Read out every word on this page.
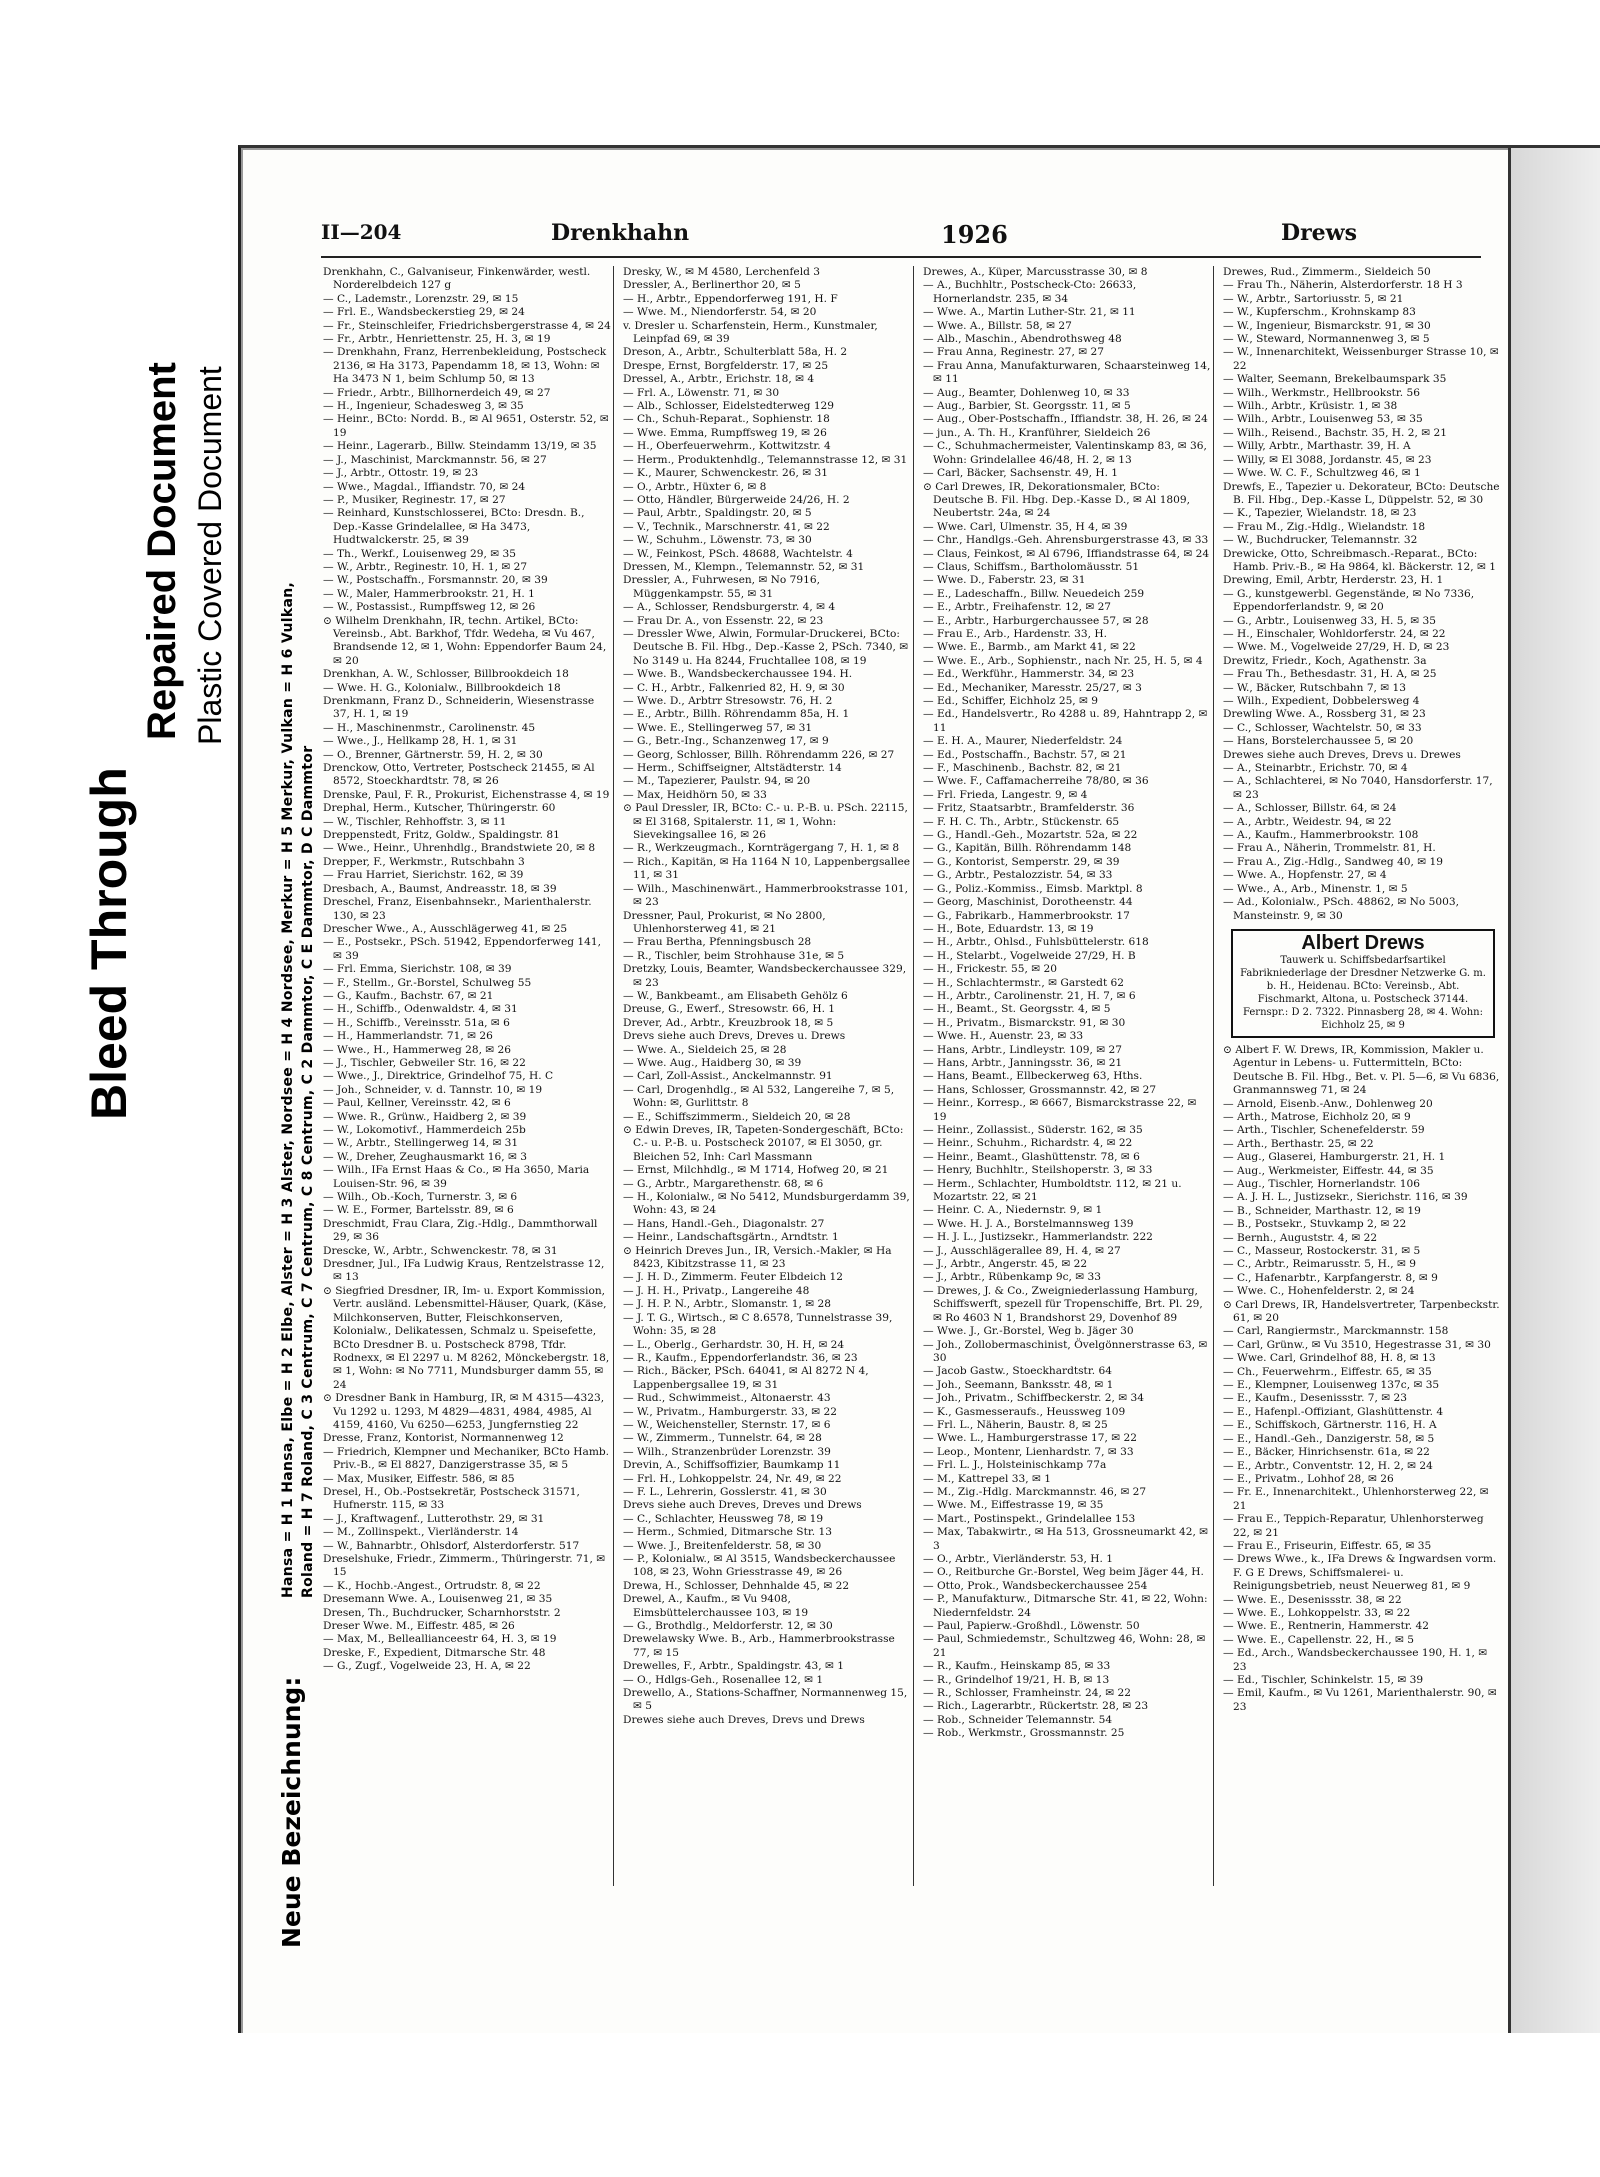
Bleed Through
Repaired Document Plastic Covered Document
Neue Bezeichnung:
Hansa = H 1 Hansa, Elbe = H 2 Elbe, Alster = H 3 Alster, Nordsee = H 4 Nordsee, Merkur = H 5 Merkur, Vulkan = H 6 Vulkan, Roland = H 7 Roland, C 3 Centrum, C 7 Centrum, C 8 Centrum, C 2 Dammtor, C E Dammtor, D C Dammtor
II—204	Drenkhahn	1926	Drews

Drenkhahn, C., Galvaniseur, Finkenwärder, westl. Norderelbdeich 127 g

— C., Lademstr., Lorenzstr. 29, ✉ 15

— Frl. E., Wandsbeckerstieg 29, ✉ 24

— Fr., Steinschleifer, Friedrichsbergerstrasse 4, ✉ 24

— Fr., Arbtr., Henriettenstr. 25, H. 3, ✉ 19

— Drenkhahn, Franz, Herrenbekleidung, Postscheck 2136, ✉ Ha 3173, Papendamm 18, ✉ 13, Wohn: ✉ Ha 3473 N 1, beim Schlump 50, ✉ 13

— Friedr., Arbtr., Billhornerdeich 49, ✉ 27

— H., Ingenieur, Schadesweg 3, ✉ 35

— Heinr., BCto: Nordd. B., ✉ Al 9651, Osterstr. 52, ✉ 19

— Heinr., Lagerarb., Billw. Steindamm 13/19, ✉ 35

— J., Maschinist, Marckmannstr. 56, ✉ 27

— J., Arbtr., Ottostr. 19, ✉ 23

— Wwe., Magdal., Iffiandstr. 70, ✉ 24

— P., Musiker, Reginestr. 17, ✉ 27

— Reinhard, Kunstschlosserei, BCto: Dresdn. B., Dep.-Kasse Grindelallee, ✉ Ha 3473, Hudtwalckerstr. 25, ✉ 39

— Th., Werkf., Louisenweg 29, ✉ 35

— W., Arbtr., Reginestr. 10, H. 1, ✉ 27

— W., Postschaffn., Forsmannstr. 20, ✉ 39

— W., Maler, Hammerbrookstr. 21, H. 1

— W., Postassist., Rumpffsweg 12, ✉ 26

⊙ Wilhelm Drenkhahn, IR, techn. Artikel, BCto: Vereinsb., Abt. Barkhof, Tfdr. Wedeha, ✉ Vu 467, Brandsende 12, ✉ 1, Wohn: Eppendorfer Baum 24, ✉ 20

Drenkhan, A. W., Schlosser, Billbrookdeich 18

— Wwe. H. G., Kolonialw., Billbrookdeich 18

Drenkmann, Franz D., Schneiderin, Wiesenstrasse 37, H. 1, ✉ 19

— H., Maschinenmstr., Carolinenstr. 45

— Wwe., J., Hellkamp 28, H. 1, ✉ 31

— O., Brenner, Gärtnerstr. 59, H. 2, ✉ 30

Drenckow, Otto, Vertreter, Postscheck 21455, ✉ Al 8572, Stoeckhardtstr. 78, ✉ 26

Drenske, Paul, F. R., Prokurist, Eichenstrasse 4, ✉ 19

Drephal, Herm., Kutscher, Thüringerstr. 60

— W., Tischler, Rehhoffstr. 3, ✉ 11

Dreppenstedt, Fritz, Goldw., Spaldingstr. 81

— Wwe., Heinr., Uhrenhdlg., Brandstwiete 20, ✉ 8

Drepper, F., Werkmstr., Rutschbahn 3

— Frau Harriet, Sierichstr. 162, ✉ 39

Dresbach, A., Baumst, Andreasstr. 18, ✉ 39

Dreschel, Franz, Eisenbahnsekr., Marienthalerstr. 130, ✉ 23

Drescher Wwe., A., Ausschlägerweg 41, ✉ 25

— E., Postsekr., PSch. 51942, Eppendorferweg 141, ✉ 39

— Frl. Emma, Sierichstr. 108, ✉ 39

— F., Stellm., Gr.-Borstel, Schulweg 55

— G., Kaufm., Bachstr. 67, ✉ 21

— H., Schiffb., Odenwaldstr. 4, ✉ 31

— H., Schiffb., Vereinsstr. 51a, ✉ 6

— H., Hammerlandstr. 71, ✉ 26

— Wwe., H., Hammerweg 28, ✉ 26

— J., Tischler, Gebweiler Str. 16, ✉ 22

— Wwe., J., Direktrice, Grindelhof 75, H. C

— Joh., Schneider, v. d. Tannstr. 10, ✉ 19

— Paul, Kellner, Vereinsstr. 42, ✉ 6

— Wwe. R., Grünw., Haidberg 2, ✉ 39

— W., Lokomotivf., Hammerdeich 25b

— W., Arbtr., Stellingerweg 14, ✉ 31

— W., Dreher, Zeughausmarkt 16, ✉ 3

— Wilh., IFa Ernst Haas & Co., ✉ Ha 3650, Maria Louisen-Str. 96, ✉ 39

— Wilh., Ob.-Koch, Turnerstr. 3, ✉ 6

— W. E., Former, Bartelsstr. 89, ✉ 6

Dreschmidt, Frau Clara, Zig.-Hdlg., Dammthorwall 29, ✉ 36

Drescke, W., Arbtr., Schwenckestr. 78, ✉ 31

Dresdner, Jul., IFa Ludwig Kraus, Rentzelstrasse 12, ✉ 13

⊙ Siegfried Dresdner, IR, Im- u. Export Kommission, Vertr. ausländ. Lebensmittel-Häuser, Quark, (Käse, Milchkonserven, Butter, Fleischkonserven, Kolonialw., Delikatessen, Schmalz u. Speisefette, BCto Dresdner B. u. Postscheck 8798, Tfdr. Rodnexx, ✉ El 2297 u. M 8262, Mönckebergstr. 18, ✉ 1, Wohn: ✉ No 7711, Mundsburger damm 55, ✉ 24

⊙ Dresdner Bank in Hamburg, IR, ✉ M 4315—4323, Vu 1292 u. 1293, M 4829—4831, 4984, 4985, Al 4159, 4160, Vu 6250—6253, Jungfernstieg 22

Dresse, Franz, Kontorist, Normannenweg 12

— Friedrich, Klempner und Mechaniker, BCto Hamb. Priv.-B., ✉ El 8827, Danzigerstrasse 35, ✉ 5

— Max, Musiker, Eiffestr. 586, ✉ 85

Dresel, H., Ob.-Postsekretär, Postscheck 31571, Hufnerstr. 115, ✉ 33

— J., Kraftwagenf., Lutterothstr. 29, ✉ 31

— M., Zollinspekt., Vierländerstr. 14

— W., Bahnarbtr., Ohlsdorf, Alsterdorferstr. 517

Dreselshuke, Friedr., Zimmerm., Thüringerstr. 71, ✉ 15

— K., Hochb.-Angest., Ortrudstr. 8, ✉ 22

Dresemann Wwe. A., Louisenweg 21, ✉ 35

Dresen, Th., Buchdrucker, Scharnhorststr. 2

Dreser Wwe. M., Eiffestr. 485, ✉ 26

— Max, M., Belleallianceestr 64, H. 3, ✉ 19

Dreske, F., Expedient, Ditmarsche Str. 48

— G., Zugf., Vogelweide 23, H. A, ✉ 22

Dresky, W., ✉ M 4580, Lerchenfeld 3

Dressler, A., Berlinerthor 20, ✉ 5

— H., Arbtr., Eppendorferweg 191, H. F

— Wwe. M., Niendorferstr. 54, ✉ 20

v. Dresler u. Scharfenstein, Herm., Kunstmaler, Leinpfad 69, ✉ 39

Dreson, A., Arbtr., Schulterblatt 58a, H. 2

Drespe, Ernst, Borgfelderstr. 17, ✉ 25

Dressel, A., Arbtr., Erichstr. 18, ✉ 4

— Frl. A., Löwenstr. 71, ✉ 30

— Alb., Schlosser, Eidelstedterweg 129

— Ch., Schuh-Reparat., Sophienstr. 18

— Wwe. Emma, Rumpffsweg 19, ✉ 26

— H., Oberfeuerwehrm., Kottwitzstr. 4

— Herm., Produktenhdlg., Telemannstrasse 12, ✉ 31

— K., Maurer, Schwenckestr. 26, ✉ 31

— O., Arbtr., Hüxter 6, ✉ 8

— Otto, Händler, Bürgerweide 24/26, H. 2

— Paul, Arbtr., Spaldingstr. 20, ✉ 5

— V., Technik., Marschnerstr. 41, ✉ 22

— W., Schuhm., Löwenstr. 73, ✉ 30

— W., Feinkost, PSch. 48688, Wachtelstr. 4

Dressen, M., Klempn., Telemannstr. 52, ✉ 31

Dressler, A., Fuhrwesen, ✉ No 7916, Müggenkampstr. 55, ✉ 31

— A., Schlosser, Rendsburgerstr. 4, ✉ 4

— Frau Dr. A., von Essenstr. 22, ✉ 23

— Dressler Wwe, Alwin, Formular-Druckerei, BCto: Deutsche B. Fil. Hbg., Dep.-Kasse 2, PSch. 7340, ✉ No 3149 u. Ha 8244, Fruchtallee 108, ✉ 19

— Wwe. B., Wandsbeckerchaussee 194. H.

— C. H., Arbtr., Falkenried 82, H. 9, ✉ 30

— Wwe. D., Arbtrr Stresowstr. 76, H. 2

— E., Arbtr., Billh. Röhrendamm 85a, H. 1

— Wwe. E., Stellingerweg 57, ✉ 31

— G., Betr.-Ing., Schanzenweg 17, ✉ 9

— Georg, Schlosser, Billh. Röhrendamm 226, ✉ 27

— Herm., Schiffseigner, Altstädterstr. 14

— M., Tapezierer, Paulstr. 94, ✉ 20

— Max, Heidhörn 50, ✉ 33

⊙ Paul Dressler, IR, BCto: C.- u. P.-B. u. PSch. 22115, ✉ El 3168, Spitalerstr. 11, ✉ 1, Wohn: Sievekingsallee 16, ✉ 26

— R., Werkzeugmach., Kornträgergang 7, H. 1, ✉ 8

— Rich., Kapitän, ✉ Ha 1164 N 10, Lappenbergsallee 11, ✉ 31

— Wilh., Maschinenwärt., Hammerbrookstrasse 101, ✉ 23

Dressner, Paul, Prokurist, ✉ No 2800, Uhlenhorsterweg 41, ✉ 21

— Frau Bertha, Pfenningsbusch 28

— R., Tischler, beim Strohhause 31e, ✉ 5

Dretzky, Louis, Beamter, Wandsbeckerchaussee 329, ✉ 23

— W., Bankbeamt., am Elisabeth Gehölz 6

Dreuse, G., Ewerf., Stresowstr. 66, H. 1

Drever, Ad., Arbtr., Kreuzbrook 18, ✉ 5

Drevs siehe auch Drevs, Dreves u. Drews

— Wwe. A., Sieldeich 25, ✉ 28

— Wwe. Aug., Haidberg 30, ✉ 39

— Carl, Zoll-Assist., Anckelmannstr. 91

— Carl, Drogenhdlg., ✉ Al 532, Langereihe 7, ✉ 5, Wohn: ✉, Gurlittstr. 8

— E., Schiffszimmerm., Sieldeich 20, ✉ 28

⊙ Edwin Dreves, IR, Tapeten-Sondergeschäft, BCto: C.- u. P.-B. u. Postscheck 20107, ✉ El 3050, gr. Bleichen 52, Inh: Carl Massmann

— Ernst, Milchhdlg., ✉ M 1714, Hofweg 20, ✉ 21

— G., Arbtr., Margarethenstr. 68, ✉ 6

— H., Kolonialw., ✉ No 5412, Mundsburgerdamm 39, Wohn: 43, ✉ 24

— Hans, Handl.-Geh., Diagonalstr. 27

— Heinr., Landschaftsgärtn., Arndtstr. 1

⊙ Heinrich Dreves Jun., IR, Versich.-Makler, ✉ Ha 8423, Kibitzstrasse 11, ✉ 23

— J. H. D., Zimmerm. Feuter Elbdeich 12

— J. H. H., Privatp., Langereihe 48

— J. H. P. N., Arbtr., Slomanstr. 1, ✉ 28

— J. T. G., Wirtsch., ✉ C 8.6578, Tunnelstrasse 39, Wohn: 35, ✉ 28

— L., Oberlg., Gerhardstr. 30, H. H, ✉ 24

— R., Kaufm., Eppendorferlandstr. 36, ✉ 23

— Rich., Bäcker, PSch. 64041, ✉ Al 8272 N 4, Lappenbergsallee 19, ✉ 31

— Rud., Schwimmeist., Altonaerstr. 43

— W., Privatm., Hamburgerstr. 33, ✉ 22

— W., Weichensteller, Sternstr. 17, ✉ 6

— W., Zimmerm., Tunnelstr. 64, ✉ 28

— Wilh., Stranzenbrüder Lorenzstr. 39

Drevin, A., Schiffsoffizier, Baumkamp 11

— Frl. H., Lohkoppelstr. 24, Nr. 49, ✉ 22

— F. L., Lehrerin, Gosslerstr. 41, ✉ 30

Drevs siehe auch Dreves, Dreves und Drews

— C., Schlachter, Heussweg 78, ✉ 19

— Herm., Schmied, Ditmarsche Str. 13

— Wwe. J., Breitenfelderstr. 58, ✉ 30

— P., Kolonialw., ✉ Al 3515, Wandsbeckerchaussee 108, ✉ 23, Wohn Griesstrasse 49, ✉ 26

Drewa, H., Schlosser, Dehnhalde 45, ✉ 22

Drewel, A., Kaufm., ✉ Vu 9408, Eimsbüttelerchaussee 103, ✉ 19

— G., Brothdlg., Meldorferstr. 12, ✉ 30

Drewelawsky Wwe. B., Arb., Hammerbrookstrasse 77, ✉ 15

Drewelles, F., Arbtr., Spaldingstr. 43, ✉ 1

— O., Hdlgs-Geh., Rosenallee 12, ✉ 1

Drewello, A., Stations-Schaffner, Normannenweg 15, ✉ 5

Drewes siehe auch Dreves, Drevs und Drews

Drewes, A., Küper, Marcusstrasse 30, ✉ 8

— A., Buchhltr., Postscheck-Cto: 26633, Hornerlandstr. 235, ✉ 34

— Wwe. A., Martin Luther-Str. 21, ✉ 11

— Wwe. A., Billstr. 58, ✉ 27

— Alb., Maschin., Abendrothsweg 48

— Frau Anna, Reginestr. 27, ✉ 27

— Frau Anna, Manufakturwaren, Schaarsteinweg 14, ✉ 11

— Aug., Beamter, Dohlenweg 10, ✉ 33

— Aug., Barbier, St. Georgsstr. 11, ✉ 5

— Aug., Ober-Postschaffn., Iffiandstr. 38, H. 26, ✉ 24

— jun., A. Th. H., Kranführer, Sieldeich 26

— C., Schuhmachermeister, Valentinskamp 83, ✉ 36, Wohn: Grindelallee 46/48, H. 2, ✉ 13

— Carl, Bäcker, Sachsenstr. 49, H. 1

⊙ Carl Drewes, IR, Dekorationsmaler, BCto: Deutsche B. Fil. Hbg. Dep.-Kasse D., ✉ Al 1809, Neubertstr. 24a, ✉ 24

— Wwe. Carl, Ulmenstr. 35, H 4, ✉ 39

— Chr., Handlgs.-Geh. Ahrensburgerstrasse 43, ✉ 33

— Claus, Feinkost, ✉ Al 6796, Iffiandstrasse 64, ✉ 24

— Claus, Schiffsm., Bartholomäusstr. 51

— Wwe. D., Faberstr. 23, ✉ 31

— E., Ladeschaffn., Billw. Neuedeich 259

— E., Arbtr., Freihafenstr. 12, ✉ 27

— E., Arbtr., Harburgerchaussee 57, ✉ 28

— Frau E., Arb., Hardenstr. 33, H.

— Wwe. E., Barmb., am Markt 41, ✉ 22

— Wwe. E., Arb., Sophienstr., nach Nr. 25, H. 5, ✉ 4

— Ed., Werkführ., Hammerstr. 34, ✉ 23

— Ed., Mechaniker, Maresstr. 25/27, ✉ 3

— Ed., Schiffer, Eichholz 25, ✉ 9

— Ed., Handelsvertr., Ro 4288 u. 89, Hahntrapp 2, ✉ 11

— E. H. A., Maurer, Niederfeldstr. 24

— Ed., Postschaffn., Bachstr. 57, ✉ 21

— F., Maschinenb., Bachstr. 82, ✉ 21

— Wwe. F., Caffamacherreihe 78/80, ✉ 36

— Frl. Frieda, Langestr. 9, ✉ 4

— Fritz, Staatsarbtr., Bramfelderstr. 36

— F. H. C. Th., Arbtr., Stückenstr. 65

— G., Handl.-Geh., Mozartstr. 52a, ✉ 22

— G., Kapitän, Billh. Röhrendamm 148

— G., Kontorist, Semperstr. 29, ✉ 39

— G., Arbtr., Pestalozzistr. 54, ✉ 33

— G., Poliz.-Kommiss., Eimsb. Marktpl. 8

— Georg, Maschinist, Dorotheenstr. 44

— G., Fabrikarb., Hammerbrookstr. 17

— H., Bote, Eduardstr. 13, ✉ 19

— H., Arbtr., Ohlsd., Fuhlsbüttelerstr. 618

— H., Stelarbt., Vogelweide 27/29, H. B

— H., Frickestr. 55, ✉ 20

— H., Schlachtermstr., ✉ Garstedt 62

— H., Arbtr., Carolinenstr. 21, H. 7, ✉ 6

— H., Beamt., St. Georgsstr. 4, ✉ 5

— H., Privatm., Bismarckstr. 91, ✉ 30

— Wwe. H., Auenstr. 23, ✉ 33

— Hans, Arbtr., Lindleystr. 109, ✉ 27

— Hans, Arbtr., Janningsstr. 36, ✉ 21

— Hans, Beamt., Ellbeckerweg 63, Hths.

— Hans, Schlosser, Grossmannstr. 42, ✉ 27

— Heinr., Korresp., ✉ 6667, Bismarckstrasse 22, ✉ 19

— Heinr., Zollassist., Süderstr. 162, ✉ 35

— Heinr., Schuhm., Richardstr. 4, ✉ 22

— Heinr., Beamt., Glashüttenstr. 78, ✉ 6

— Henry, Buchhltr., Steilshoperstr. 3, ✉ 33

— Herm., Schlachter, Humboldtstr. 112, ✉ 21 u. Mozartstr. 22, ✉ 21

— Heinr. C. A., Niedernstr. 9, ✉ 1

— Wwe. H. J. A., Borstelmannsweg 139

— H. J. L., Justizsekr., Hammerlandstr. 222

— J., Ausschlägerallee 89, H. 4, ✉ 27

— J., Arbtr., Angerstr. 45, ✉ 22

— J., Arbtr., Rübenkamp 9c, ✉ 33

— Drewes, J. & Co., Zweigniederlassung Hamburg, Schiffswerft, spezell für Tropenschiffe, Brt. Pl. 29, ✉ Ro 4603 N 1, Brandshorst 29, Dovenhof 89

— Wwe. J., Gr.-Borstel, Weg b. Jäger 30

— Joh., Zollobermaschinist, Övelgönnerstrasse 63, ✉ 30

— Jacob Gastw., Stoeckhardtstr. 64

— Joh., Seemann, Banksstr. 48, ✉ 1

— Joh., Privatm., Schiffbeckerstr. 2, ✉ 34

— K., Gasmesseraufs., Heussweg 109

— Frl. L., Näherin, Baustr. 8, ✉ 25

— Wwe. L., Hamburgerstrasse 17, ✉ 22

— Leop., Montenr, Lienhardstr. 7, ✉ 33

— Frl. L. J., Holsteinischkamp 77a

— M., Kattrepel 33, ✉ 1

— M., Zig.-Hdlg. Marckmannstr. 46, ✉ 27

— Wwe. M., Eiffestrasse 19, ✉ 35

— Mart., Postinspekt., Grindelallee 153

— Max, Tabakwirtr., ✉ Ha 513, Grossneumarkt 42, ✉ 3

— O., Arbtr., Vierländerstr. 53, H. 1

— O., Reitburche Gr.-Borstel, Weg beim Jäger 44, H.

— Otto, Prok., Wandsbeckerchaussee 254

— P., Manufakturw., Ditmarsche Str. 41, ✉ 22, Wohn: Niedernfeldstr. 24

— Paul, Papierw.-Großhdl., Löwenstr. 50

— Paul, Schmiedemstr., Schultzweg 46, Wohn: 28, ✉ 21

— R., Kaufm., Heinskamp 85, ✉ 33

— R., Grindelhof 19/21, H. B, ✉ 13

— R., Schlosser, Framheinstr. 24, ✉ 22

— Rich., Lagerarbtr., Rückertstr. 28, ✉ 23

— Rob., Schneider Telemannstr. 54

— Rob., Werkmstr., Grossmannstr. 25

Drewes, Rud., Zimmerm., Sieldeich 50

— Frau Th., Näherin, Alsterdorferstr. 18 H 3

— W., Arbtr., Sartoriusstr. 5, ✉ 21

— W., Kupferschm., Krohnskamp 83

— W., Ingenieur, Bismarckstr. 91, ✉ 30

— W., Steward, Normannenweg 3, ✉ 5

— W., Innenarchitekt, Weissenburger Strasse 10, ✉ 22

— Walter, Seemann, Brekelbaumspark 35

— Wilh., Werkmstr., Hellbrookstr. 56

— Wilh., Arbtr., Krüsistr. 1, ✉ 38

— Wilh., Arbtr., Louisenweg 53, ✉ 35

— Wilh., Reisend., Bachstr. 35, H. 2, ✉ 21

— Willy, Arbtr., Marthastr. 39, H. A

— Willy, ✉ El 3088, Jordanstr. 45, ✉ 23

— Wwe. W. C. F., Schultzweg 46, ✉ 1

Drewfs, E., Tapezier u. Dekorateur, BCto: Deutsche B. Fil. Hbg., Dep.-Kasse L, Düppelstr. 52, ✉ 30

— K., Tapezier, Wielandstr. 18, ✉ 23

— Frau M., Zig.-Hdlg., Wielandstr. 18

— W., Buchdrucker, Telemannstr. 32

Drewicke, Otto, Schreibmasch.-Reparat., BCto: Hamb. Priv.-B., ✉ Ha 9864, kl. Bäckerstr. 12, ✉ 1

Drewing, Emil, Arbtr, Herderstr. 23, H. 1

— G., kunstgewerbl. Gegenstände, ✉ No 7336, Eppendorferlandstr. 9, ✉ 20

— G., Arbtr., Louisenweg 33, H. 5, ✉ 35

— H., Einschaler, Wohldorferstr. 24, ✉ 22

— Wwe. M., Vogelweide 27/29, H. D, ✉ 23

Drewitz, Friedr., Koch, Agathenstr. 3a

— Frau Th., Bethesdastr. 31, H. A, ✉ 25

— W., Bäcker, Rutschbahn 7, ✉ 13

— Wilh., Expedient, Dobbelersweg 4

Drewling Wwe. A., Rossberg 31, ✉ 23

— C., Schlosser, Wachtelstr. 50, ✉ 33

— Hans, Borstelerchaussee 5, ✉ 20

Drewes siehe auch Dreves, Drevs u. Drewes

— A., Steinarbtr., Erichstr. 70, ✉ 4

— A., Schlachterei, ✉ No 7040, Hansdorferstr. 17, ✉ 23

— A., Schlosser, Billstr. 64, ✉ 24

— A., Arbtr., Weidestr. 94, ✉ 22

— A., Kaufm., Hammerbrookstr. 108

— Frau A., Näherin, Trommelstr. 81, H.

— Frau A., Zig.-Hdlg., Sandweg 40, ✉ 19

— Wwe. A., Hopfenstr. 27, ✉ 4

— Wwe., A., Arb., Minenstr. 1, ✉ 5

— Ad., Kolonialw., PSch. 48862, ✉ No 5003, Mansteinstr. 9, ✉ 30

Albert Drews
Tauwerk u. Schiffsbedarfsartikel Fabrikniederlage der Dresdner Netzwerke G. m. b. H., Heidenau. BCto: Vereinsb., Abt. Fischmarkt, Altona, u. Postscheck 37144. Fernspr.: D 2. 7322. Pinnasberg 28, ✉ 4. Wohn: Eichholz 25, ✉ 9

⊙ Albert F. W. Drews, IR, Kommission, Makler u. Agentur in Lebens- u. Futtermitteln, BCto: Deutsche B. Fil. Hbg., Bet. v. Pl. 5—6, ✉ Vu 6836, Granmannsweg 71, ✉ 24

— Arnold, Eisenb.-Anw., Dohlenweg 20

— Arth., Matrose, Eichholz 20, ✉ 9

— Arth., Tischler, Schenefelderstr. 59

— Arth., Berthastr. 25, ✉ 22

— Aug., Glaserei, Hamburgerstr. 21, H. 1

— Aug., Werkmeister, Eiffestr. 44, ✉ 35

— Aug., Tischler, Hornerlandstr. 106

— A. J. H. L., Justizsekr., Sierichstr. 116, ✉ 39

— B., Schneider, Marthastr. 12, ✉ 19

— B., Postsekr., Stuvkamp 2, ✉ 22

— Bernh., Auguststr. 4, ✉ 22

— C., Masseur, Rostockerstr. 31, ✉ 5

— C., Arbtr., Reimarusstr. 5, H., ✉ 9

— C., Hafenarbtr., Karpfangerstr. 8, ✉ 9

— Wwe. C., Hohenfelderstr. 2, ✉ 24

⊙ Carl Drews, IR, Handelsvertreter, Tarpenbeckstr. 61, ✉ 20

— Carl, Rangiermstr., Marckmannstr. 158

— Carl, Grünw., ✉ Vu 3510, Hegestrasse 31, ✉ 30

— Wwe. Carl, Grindelhof 88, H. 8, ✉ 13

— Ch., Feuerwehrm., Eiffestr. 65, ✉ 35

— E., Klempner, Louisenweg 137c, ✉ 35

— E., Kaufm., Desenissstr. 7, ✉ 23

— E., Hafenpl.-Offiziant, Glashüttenstr. 4

— E., Schiffskoch, Gärtnerstr. 116, H. A

— E., Handl.-Geh., Danzigerstr. 58, ✉ 5

— E., Bäcker, Hinrichsenstr. 61a, ✉ 22

— E., Arbtr., Conventstr. 12, H. 2, ✉ 24

— E., Privatm., Lohhof 28, ✉ 26

— Fr. E., Innenarchitekt., Uhlenhorsterweg 22, ✉ 21

— Frau E., Teppich-Reparatur, Uhlenhorsterweg 22, ✉ 21

— Frau E., Friseurin, Eiffestr. 65, ✉ 35

— Drews Wwe., k., IFa Drews & Ingwardsen vorm. F. G E Drews, Schiffsmalerei- u. Reinigungsbetrieb, neust Neuerweg 81, ✉ 9

— Wwe. E., Desenissstr. 38, ✉ 22

— Wwe. E., Lohkoppelstr. 33, ✉ 22

— Wwe. E., Rentnerin, Hammerstr. 42

— Wwe. E., Capellenstr. 22, H., ✉ 5

— Ed., Arch., Wandsbeckerchaussee 190, H. 1, ✉ 23

— Ed., Tischler, Schinkelstr. 15, ✉ 39

— Emil, Kaufm., ✉ Vu 1261, Marienthalerstr. 90, ✉ 23
